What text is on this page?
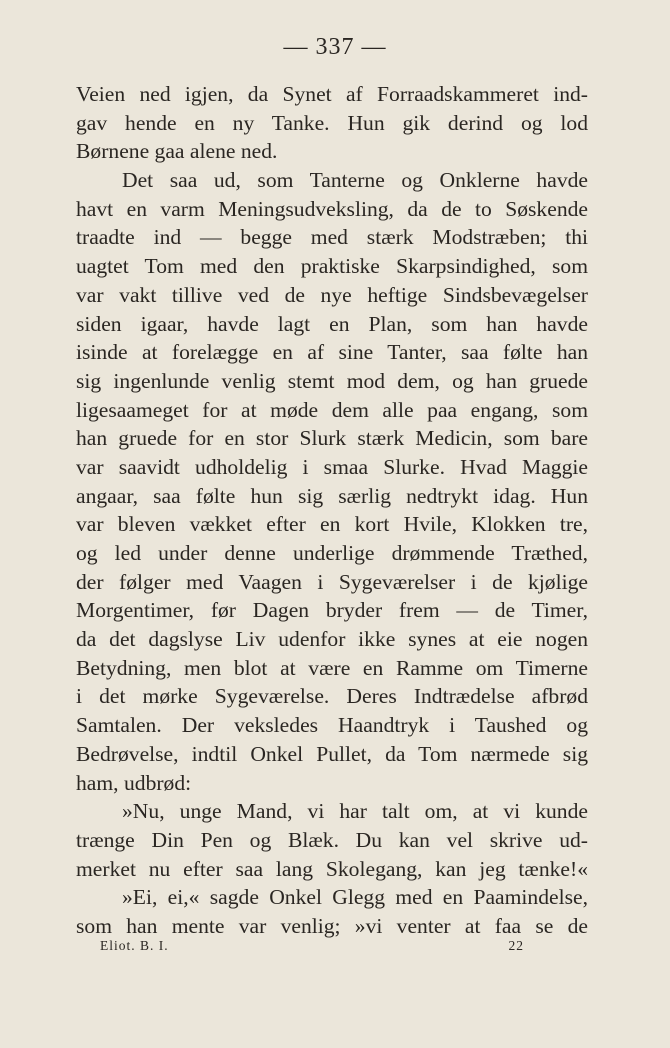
— 337 —
Veien ned igjen, da Synet af Forraadskammeret ind-
gav hende en ny Tanke. Hun gik derind og lod
Børnene gaa alene ned.
Det saa ud, som Tanterne og Onklerne havde
havt en varm Meningsudveksling, da de to Søskende
traadte ind — begge med stærk Modstræben; thi
uagtet Tom med den praktiske Skarpsindighed, som
var vakt tillive ved de nye heftige Sindsbevægelser
siden igaar, havde lagt en Plan, som han havde
isinde at forelægge en af sine Tanter, saa følte han
sig ingenlunde venlig stemt mod dem, og han gruede
ligesaameget for at møde dem alle paa engang, som
han gruede for en stor Slurk stærk Medicin, som bare
var saavidt udholdelig i smaa Slurke. Hvad Maggie
angaar, saa følte hun sig særlig nedtrykt idag. Hun
var bleven vækket efter en kort Hvile, Klokken tre,
og led under denne underlige drømmende Træthed,
der følger med Vaagen i Sygeværelser i de kjølige
Morgentimer, før Dagen bryder frem — de Timer,
da det dagslyse Liv udenfor ikke synes at eie nogen
Betydning, men blot at være en Ramme om Timerne
i det mørke Sygeværelse. Deres Indtrædelse afbrød
Samtalen. Der veksledes Haandtryk i Taushed og
Bedrøvelse, indtil Onkel Pullet, da Tom nærmede sig
ham, udbrød:
»Nu, unge Mand, vi har talt om, at vi kunde
trænge Din Pen og Blæk. Du kan vel skrive ud-
merket nu efter saa lang Skolegang, kan jeg tænke!«
»Ei, ei,« sagde Onkel Glegg med en Paamindelse,
som han mente var venlig; »vi venter at faa se de
Eliot. B. I.	22
